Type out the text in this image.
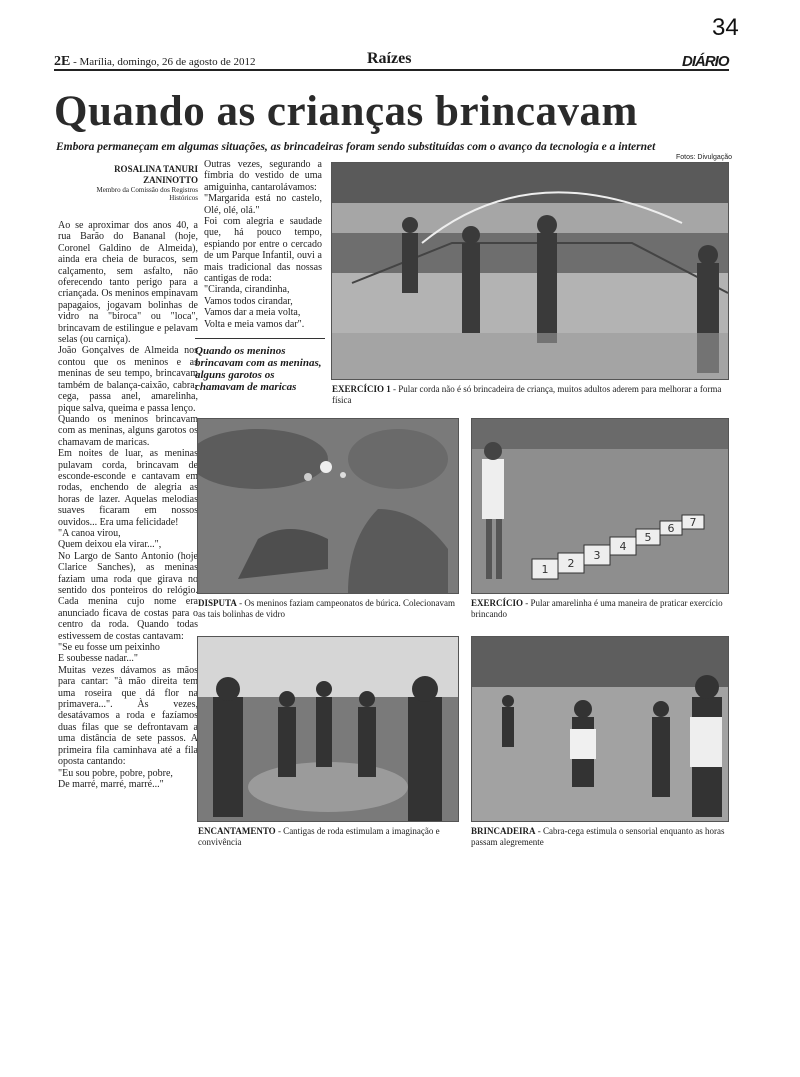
34
2E - Marília, domingo, 26 de agosto de 2012	Raízes	DIÁRIO
Quando as crianças brincavam
Embora permaneçam em algumas situações, as brincadeiras foram sendo substituídas com o avanço da tecnologia e a internet
Fotos: Divulgação
ROSALINA TANURI ZANINOTTO
Membro da Comissão dos Registros Históricos
Ao se aproximar dos anos 40, a rua Barão do Bananal (hoje, Coronel Galdino de Almeida), ainda era cheia de buracos, sem calçamento, sem asfalto, não oferecendo tanto perigo para a criançada. Os meninos empinavam papagaios, jogavam bolinhas de vidro na "biroca" ou "loca", brincavam de estilingue e pelavam selas (ou carniça).
João Gonçalves de Almeida nos contou que os meninos e as meninas de seu tempo, brincavam também de balança-caixão, cabra-cega, passa anel, amarelinha, pique salva, queima e passa lenço.
Quando os meninos brincavam com as meninas, alguns garotos os chamavam de maricas.
Em noites de luar, as meninas pulavam corda, brincavam de esconde-esconde e cantavam em rodas, enchendo de alegria as horas de lazer. Aquelas melodias suaves ficaram em nossos ouvidos... Era uma felicidade!
"A canoa virou,
Quem deixou ela virar...",
No Largo de Santo Antonio (hoje Clarice Sanches), as meninas faziam uma roda que girava no sentido dos ponteiros do relógio. Cada menina cujo nome era anunciado ficava de costas para o centro da roda. Quando todas estivessem de costas cantavam:
"Se eu fosse um peixinho
E soubesse nadar..."
Muitas vezes dávamos as mãos para cantar: "à mão direita tem uma roseira que dá flor na primavera...". Às vezes, desatávamos a roda e fazíamos duas filas que se defrontavam a uma distância de sete passos. A primeira fila caminhava até a fila oposta cantando:
"Eu sou pobre, pobre, pobre,
De marré, marré, marré..."
Outras vezes, segurando a fímbria do vestido de uma amiguinha, cantarolávamos:
"Margarida está no castelo, Olé, olé, olá."
Foi com alegria e saudade que, há pouco tempo, espiando por entre o cercado de um Parque Infantil, ouvi a mais tradicional das nossas cantigas de roda:
"Ciranda, cirandinha,
Vamos todos cirandar,
Vamos dar a meia volta,
Volta e meia vamos dar".
Quando os meninos brincavam com as meninas, alguns garotos os chamavam de maricas	EXERCÍCIO 1 - Pular corda não é só brincadeira de criança, muitos adultos aderem para melhorar a forma física
DISPUTA - Os meninos faziam campeonatos de búrica. Colecionavam as tais bolinhas de vidro
1 2
3
4
5
6 7
EXERCÍCIO - Pular amarelinha é uma maneira de praticar exercício brincando
ENCANTAMENTO - Cantigas de roda estimulam a imaginação e convivência
BRINCADEIRA - Cabra-cega estimula o sensorial enquanto as horas passam alegremente
